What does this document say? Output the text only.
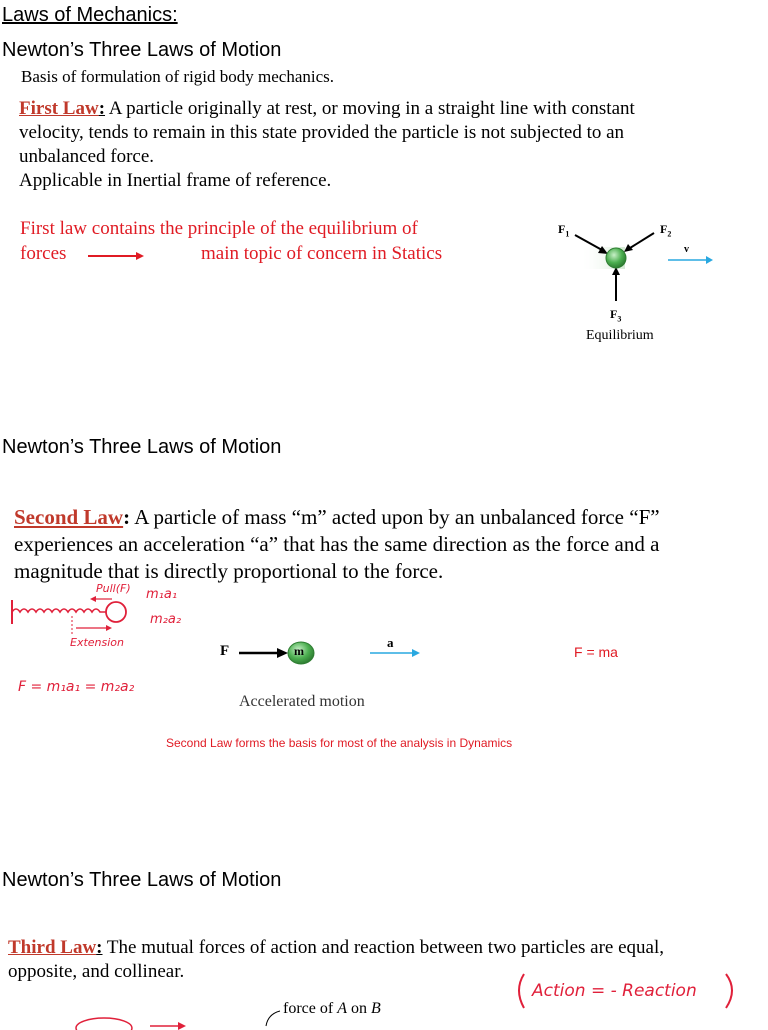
Laws of Mechanics:
Newton’s Three Laws of Motion
Basis of formulation of rigid body mechanics.
First Law: A particle originally at rest, or moving in a straight line with constant
velocity, tends to remain in this state provided the particle is not subjected to an
unbalanced force.
Applicable in Inertial frame of reference.
First law contains the principle of the equilibrium of
forces	main topic of concern in Statics
$F_1$	$F_2$
$F_3$
v
Equilibrium
Newton’s Three Laws of Motion
Second Law: A particle of mass “m” acted upon by an unbalanced force “F”
experiences an acceleration “a” that has the same direction as the force and a
magnitude that is directly proportional to the force.
Pull(F) m₁a₁
m₂a₂
Extension
F = m₁a₁ = m₂a₂
F	m
a
Accelerated motion
F = ma
Second Law forms the basis for most of the analysis in Dynamics
Newton’s Three Laws of Motion
Third Law: The mutual forces of action and reaction between two particles are equal,
opposite, and collinear.
Action = - Reaction
force of A on B
